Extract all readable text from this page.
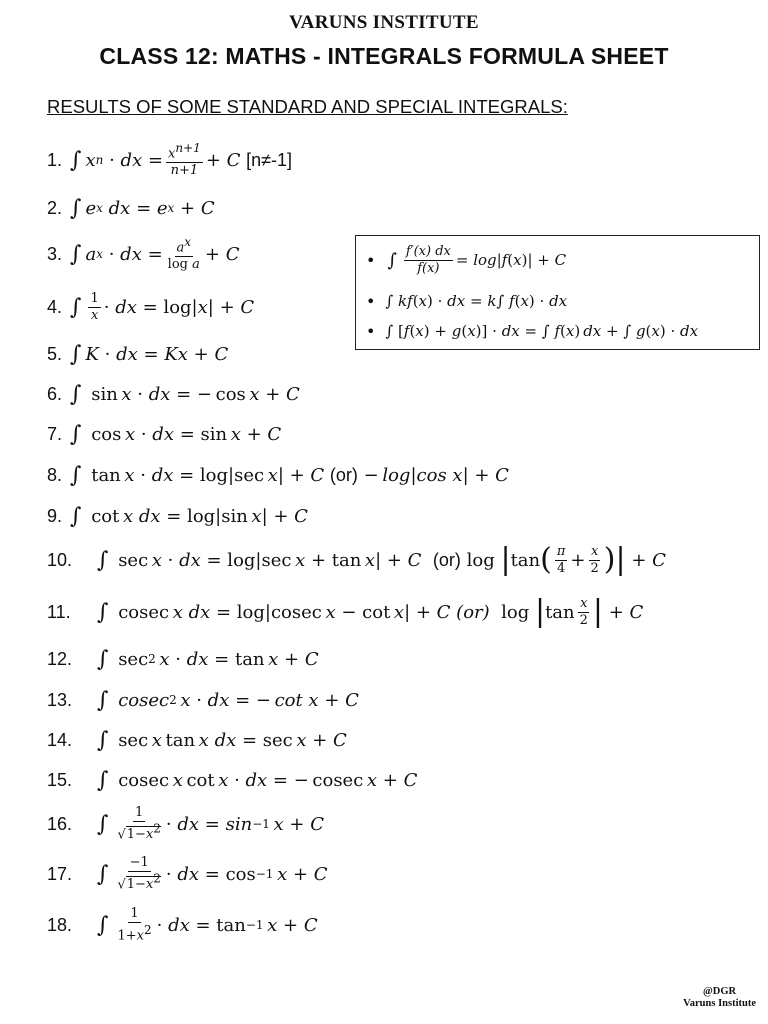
VARUNS INSTITUTE
CLASS 12: MATHS - INTEGRALS FORMULA SHEET
RESULTS OF SOME STANDARD AND SPECIAL INTEGRALS:
1. ∫ x n · dx = $\frac{x^{n+1}}{n+1} + C$
[n≠-1]
2. ∫ e x
dx = e x + C
3. ∫ a x · dx = $\frac{a^x}{\text{log a}} + C$
4. ∫ $\frac{1}{x}$ · dx = log| x | + C
5. ∫ K · dx = Kx + C
6. ∫ sin  x · dx = − cos  x + C
7. ∫ cos  x · dx = sin  x + C
8. ∫ tan  x · dx = log|sec  x | + C
(or) −  log | cos x | + C
9. ∫ cot  x
dx = log|sin  x | + C
10.	∫ sec  x · dx = log|sec  x + tan  x | + C
(or) log | tan ( $\frac{\pi}{4} + \frac{x}{2}$ ) | + C
11.	∫ cosec  x
dx = log|cosec  x − cot  x | + C
(or) log | $\tan \frac{x}{2}$ | + C
12.	∫ sec 2
  x · dx = tan  x + C
13.	∫
cosec 2
  x · dx = −  cot x + C
14.	∫ sec  x  tan  x
dx = sec  x + C
15.	∫ cosec  x  cot  x · dx = − cosec  x + C
16.	∫ $\frac{1}{√1-x^2}$ · dx = sin −1
  x + C
17.	∫ $\frac{-1}{√1-x^2}$ · dx = cos −1
  x + C
18.	∫ $\frac{1}{1+x^2}$ · dx = tan −1
  x + C
• ∫ $\frac{f'(x) dx}{f(x)} = \log$ | f ( x )| + C
• ∫ kf ( x ) · dx = k ∫ f ( x ) · dx
• ∫ [ f ( x ) + g ( x )] · dx = ∫ f ( x )  dx + ∫ g ( x ) · dx
@DGR
Varuns Institute
